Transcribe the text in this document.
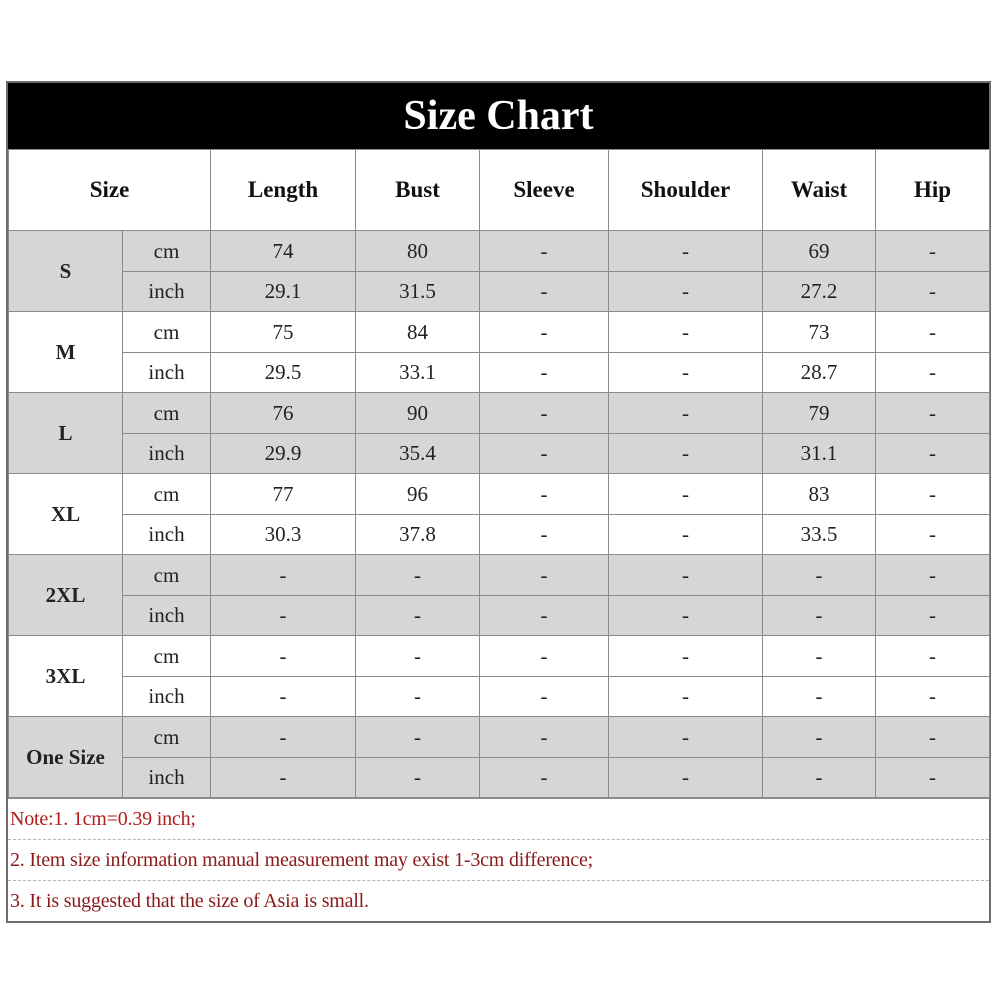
Size Chart
Size		Length	Bust	Sleeve	Shoulder	Waist	Hip
S	cm	74	80	-	-	69	-
	inch	29.1	31.5	-	-	27.2	-
M	cm	75	84	-	-	73	-
	inch	29.5	33.1	-	-	28.7	-
L	cm	76	90	-	-	79	-
	inch	29.9	35.4	-	-	31.1	-
XL	cm	77	96	-	-	83	-
	inch	30.3	37.8	-	-	33.5	-
2XL	cm	-	-	-	-	-	-
	inch	-	-	-	-	-	-
3XL	cm	-	-	-	-	-	-
	inch	-	-	-	-	-	-
One Size	cm	-	-	-	-	-	-
	inch	-	-	-	-	-	-
Note:1. 1cm=0.39 inch;
2. Item size information manual measurement may exist 1-3cm difference;
3. It is suggested that the size of Asia is small.
